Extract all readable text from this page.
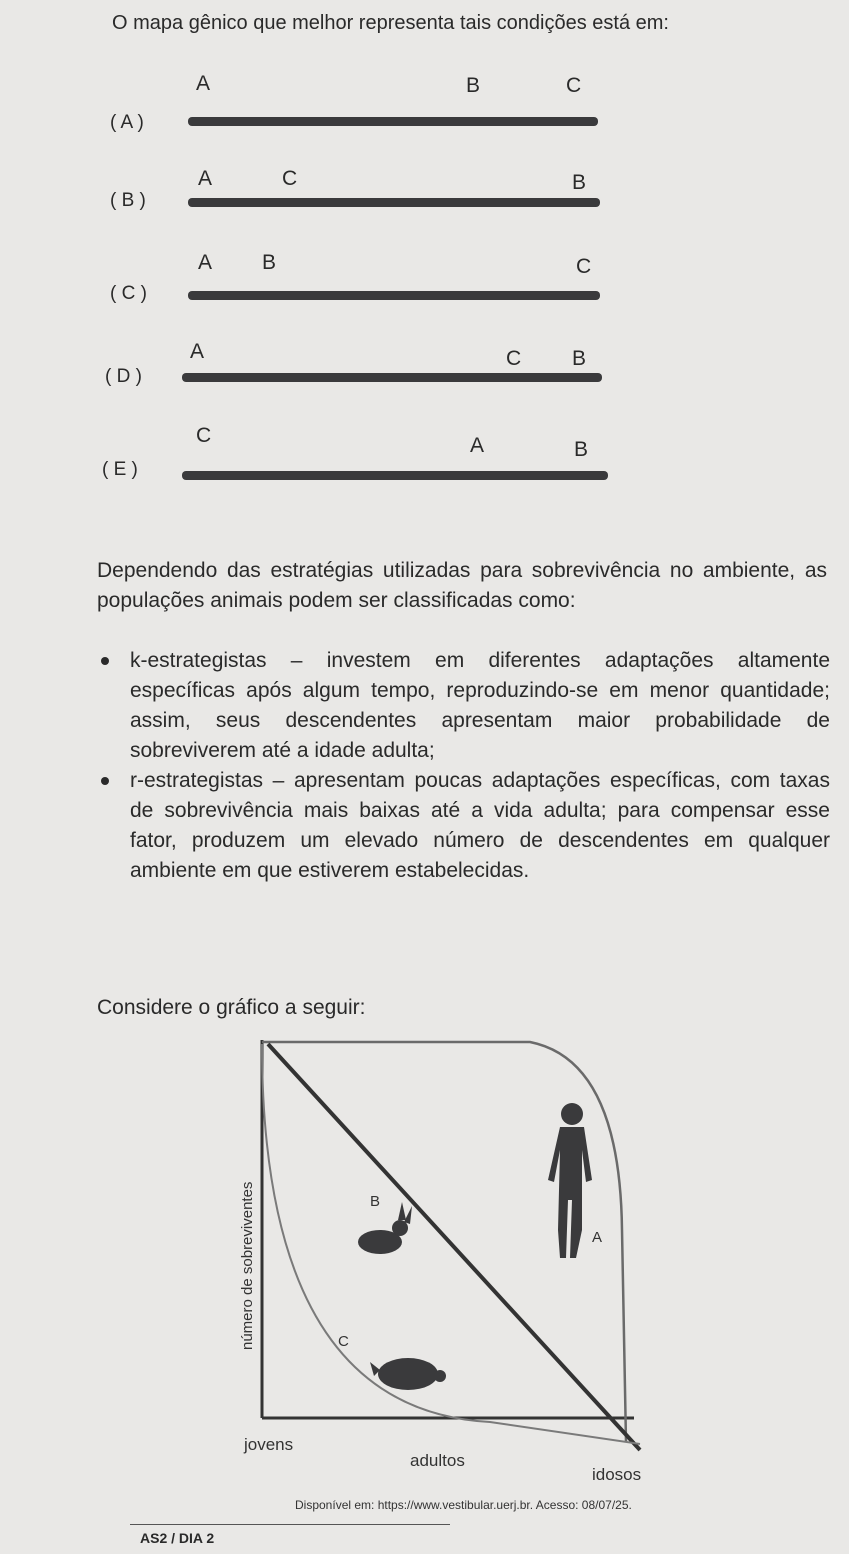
O mapa gênico que melhor representa tais condições está em:
( A )
A	B	C
( B )
A	C	B
( C )
A B	C
( D )
A	C B
( E )
C	A	B
Dependendo das estratégias utilizadas para sobrevivência no ambiente, as populações animais podem ser classificadas como:
k-estrategistas – investem em diferentes adaptações altamente específicas após algum tempo, reproduzindo-se em menor quantidade; assim, seus descendentes apresentam maior probabilidade de sobreviverem até a idade adulta;
r-estrategistas – apresentam poucas adaptações específicas, com taxas de sobrevivência mais baixas até a vida adulta; para compensar esse fator, produzem um elevado número de descendentes em qualquer ambiente em que estiverem estabelecidas.
Considere o gráfico a seguir:
número de sobreviventes
jovens
adultos
idosos
A
B
C
Disponível em: https://www.vestibular.uerj.br. Acesso: 08/07/25.
AS2 / DIA 2
